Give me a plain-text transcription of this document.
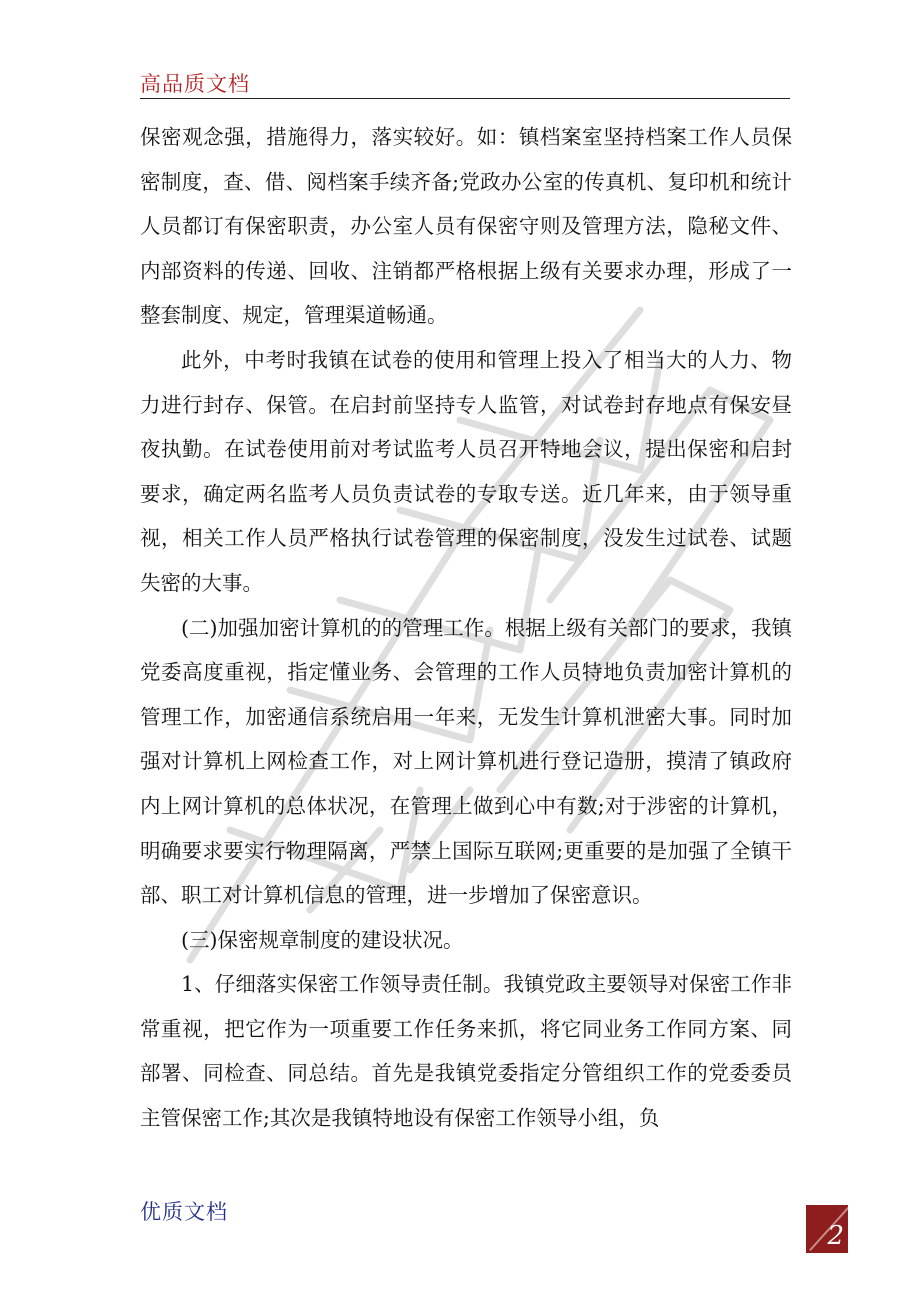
高品质文档

保密观念强，措施得力，落实较好。如：镇档案室坚持档案工作人员保密制度，查、借、阅档案手续齐备;党政办公室的传真机、复印机和统计人员都订有保密职责，办公室人员有保密守则及管理方法，隐秘文件、内部资料的传递、回收、注销都严格根据上级有关要求办理，形成了一整套制度、规定，管理渠道畅通。

此外，中考时我镇在试卷的使用和管理上投入了相当大的人力、物力进行封存、保管。在启封前坚持专人监管，对试卷封存地点有保安昼夜执勤。在试卷使用前对考试监考人员召开特地会议，提出保密和启封要求，确定两名监考人员负责试卷的专取专送。近几年来，由于领导重视，相关工作人员严格执行试卷管理的保密制度，没发生过试卷、试题失密的大事。

(二)加强加密计算机的的管理工作。根据上级有关部门的要求，我镇党委高度重视，指定懂业务、会管理的工作人员特地负责加密计算机的管理工作，加密通信系统启用一年来，无发生计算机泄密大事。同时加强对计算机上网检查工作，对上网计算机进行登记造册，摸清了镇政府内上网计算机的总体状况，在管理上做到心中有数;对于涉密的计算机，明确要求要实行物理隔离，严禁上国际互联网;更重要的是加强了全镇干部、职工对计算机信息的管理，进一步增加了保密意识。

(三)保密规章制度的建设状况。

1、仔细落实保密工作领导责任制。我镇党政主要领导对保密工作非常重视，把它作为一项重要工作任务来抓，将它同业务工作同方案、同部署、同检查、同总结。首先是我镇党委指定分管组织工作的党委委员主管保密工作;其次是我镇特地设有保密工作领导小组，负

优质文档
2
